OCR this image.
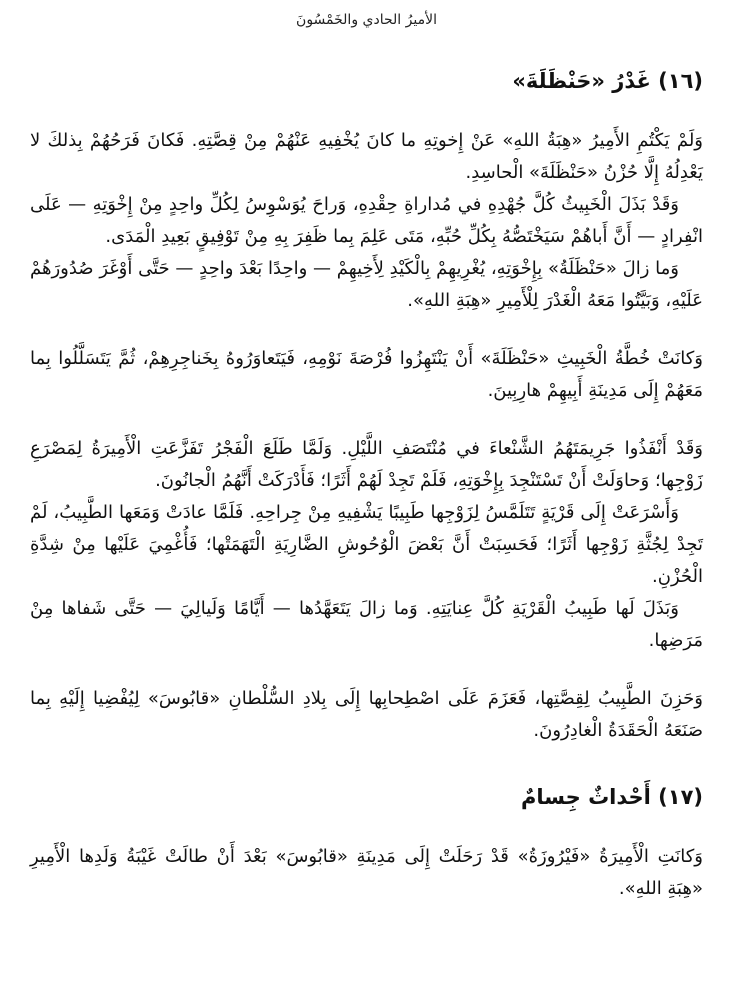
الأميرُ الحادي والخَمْسُونَ
(١٦) غَدْرُ «حَنْظَلَةَ»

وَلَمْ يَكْتُمِ الأَمِيرُ «هِبَةُ اللهِ» عَنْ إِخوتِهِ ما كانَ يُخْفِيهِ عَنْهُمْ مِنْ قِصَّتِهِ. فَكانَ فَرَحُهُمْ بِذلكَ لا يَعْدِلُهُ إِلَّا حُزْنُ «حَنْظَلَةَ» الْحاسِدِ.

وَقَدْ بَذَلَ الْخَبِيثُ كُلَّ جُهْدِهِ في مُداراةِ حِقْدِهِ، وَراحَ يُوَسْوِسُ لِكُلِّ واحِدٍ مِنْ إِخْوَتِهِ — عَلَى انْفِرادٍ — أَنَّ أَباهُمْ سَيَخْتَصُّهُ بِكُلِّ حُبِّهِ، مَتَى عَلِمَ بِما ظَفِرَ بِهِ مِنْ تَوْفِيقٍ بَعِيدِ الْمَدَى.

وَما زالَ «حَنْظَلَةُ» بِإِخْوَتِهِ، يُغْرِيهِمْ بِالْكَيْدِ لِأَخِيهِمْ — واحِدًا بَعْدَ واحِدٍ — حَتَّى أَوْغَرَ صُدُورَهُمْ عَلَيْهِ، وَبَيَّتُوا مَعَهُ الْغَدْرَ لِلْأَمِيرِ «هِبَةِ اللهِ».

وَكانَتْ خُطَّةُ الْخَبِيثِ «حَنْظَلَةَ» أَنْ يَنْتَهِزُوا فُرْصَةَ نَوْمِهِ، فَيَتَعاوَرُوهُ بِخَناجِرِهِمْ، ثُمَّ يَتَسَلَّلُوا بِما مَعَهُمْ إِلَى مَدِينَةِ أَبِيهِمْ هارِبِينَ.

وَقَدْ أَنْفَذُوا جَرِيمَتَهُمُ الشَّنْعاءَ في مُنْتَصَفِ اللَّيْلِ. وَلَمَّا طَلَعَ الْفَجْرُ تَفَزَّعَتِ الْأَمِيرَةُ لِمَصْرَعِ زَوْجِها؛ وَحاوَلَتْ أَنْ تَسْتَنْجِدَ بِإِخْوَتِهِ، فَلَمْ تَجِدْ لَهُمْ أَثَرًا؛ فَأَدْرَكَتْ أَنَّهُمُ الْجانُونَ.

وَأَسْرَعَتْ إِلَى قَرْيَةٍ تَتَلَمَّسُ لِزَوْجِها طَبِيبًا يَشْفِيهِ مِنْ جِراحِهِ. فَلَمَّا عادَتْ وَمَعَها الطَّبِيبُ، لَمْ تَجِدْ لِجُثَّةِ زَوْجِها أَثَرًا؛ فَحَسِبَتْ أَنَّ بَعْضَ الْوُحُوشِ الضَّارِيَةِ الْتَهَمَتْها؛ فَأُغْمِيَ عَلَيْها مِنْ شِدَّةِ الْحُزْنِ.

وَبَذَلَ لَها طَبِيبُ الْقَرْيَةِ كُلَّ عِنايَتِهِ. وَما زالَ يَتَعَهَّدُها — أَيَّامًا وَلَيالِيَ — حَتَّى شَفاها مِنْ مَرَضِها.

وَحَزِنَ الطَّبِيبُ لِقِصَّتِها، فَعَزَمَ عَلَى اصْطِحابِها إِلَى بِلادِ السُّلْطانِ «قابُوسَ» لِيُفْضِيا إِلَيْهِ بِما صَنَعَهُ الْحَقَدَةُ الْغادِرُونَ.

(١٧) أَحْداثٌ جِسامٌ

وَكانَتِ الْأَمِيرَةُ «فَيْرُوزَةُ» قَدْ رَحَلَتْ إِلَى مَدِينَةِ «قابُوسَ» بَعْدَ أَنْ طالَتْ غَيْبَةُ وَلَدِها الْأَمِيرِ «هِبَةِ اللهِ».
